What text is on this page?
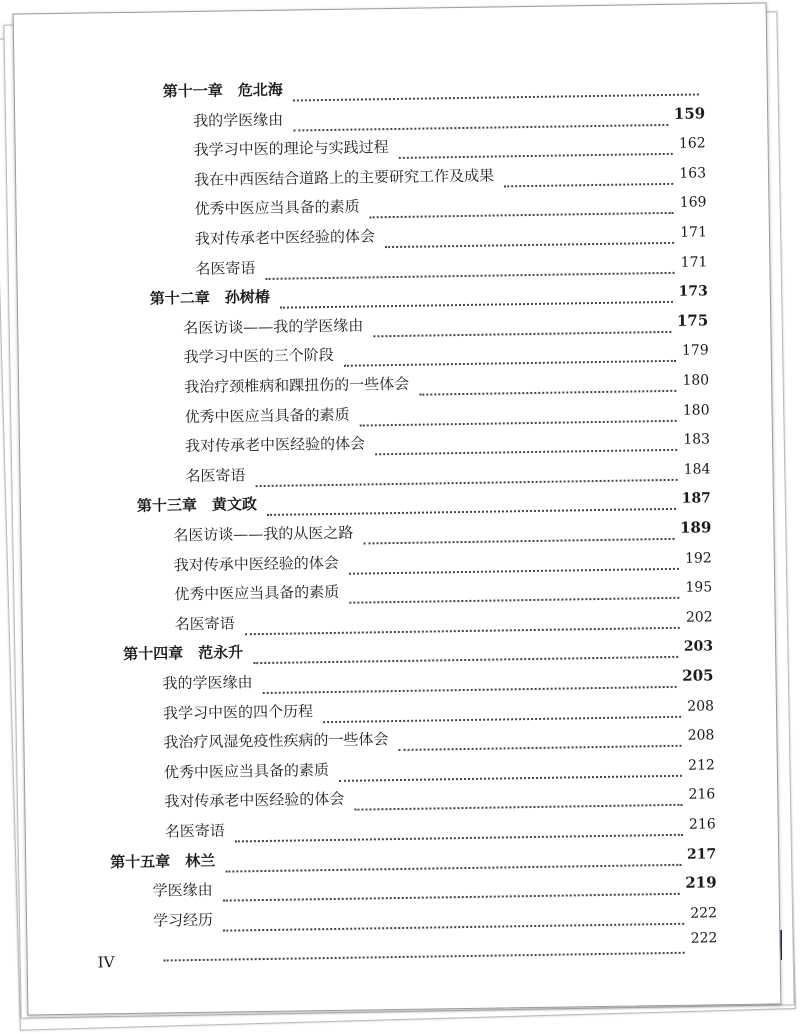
第十一章　危北海
我的学医缘由	159
我学习中医的理论与实践过程	162
我在中西医结合道路上的主要研究工作及成果	163
优秀中医应当具备的素质	169
我对传承老中医经验的体会	171
名医寄语	171
第十二章　孙树椿	173
名医访谈——我的学医缘由	175
我学习中医的三个阶段	179
我治疗颈椎病和踝扭伤的一些体会	180
优秀中医应当具备的素质	180
我对传承老中医经验的体会	183
名医寄语	184
第十三章　黄文政	187
名医访谈——我的从医之路	189
我对传承中医经验的体会	192
优秀中医应当具备的素质	195
名医寄语	202
第十四章　范永升	203
我的学医缘由	205
我学习中医的四个历程	208
我治疗风湿免疫性疾病的一些体会	208
优秀中医应当具备的素质	212
我对传承老中医经验的体会	216
名医寄语	216
第十五章　林兰	217
学医缘由	219
学习经历	222
222
IV
